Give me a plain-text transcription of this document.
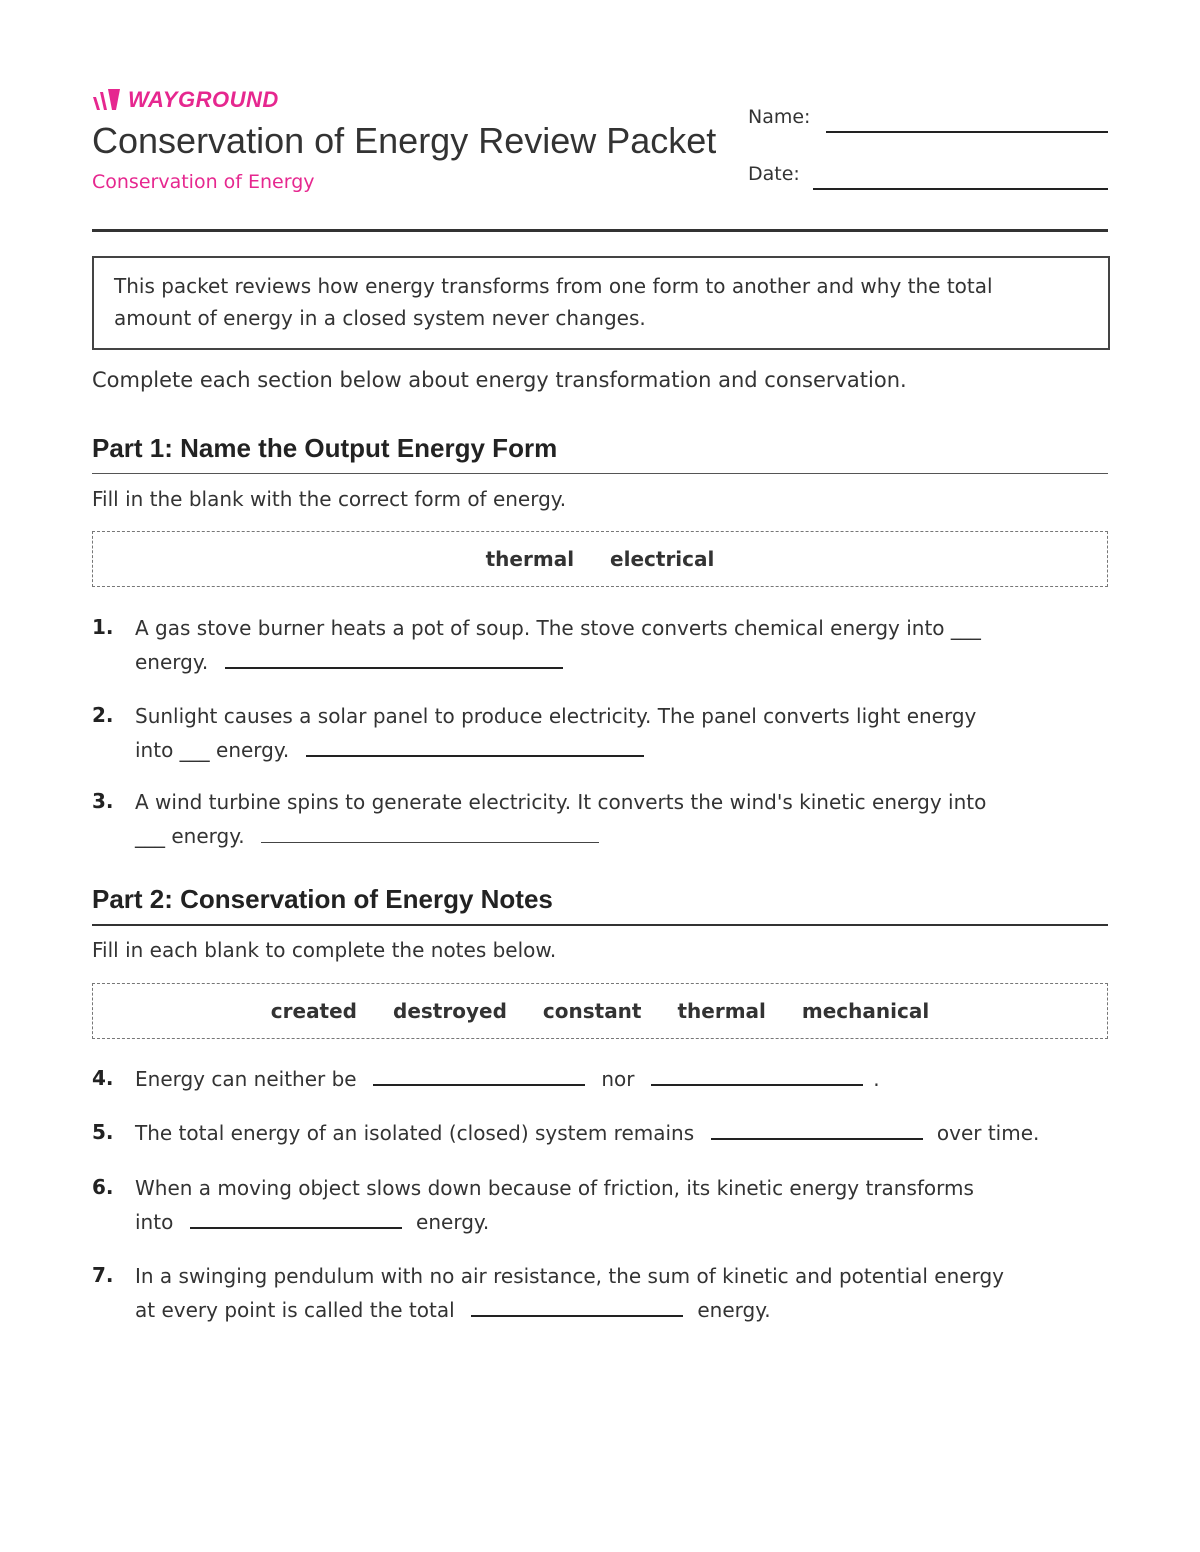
WAYGROUND
Conservation of Energy Review Packet
Conservation of Energy
Name:
Date:
This packet reviews how energy transforms from one form to another and why the total
amount of energy in a closed system never changes.
Complete each section below about energy transformation and conservation.
Part 1: Name the Output Energy Form
Fill in the blank with the correct form of energy.
thermal electrical
1. A gas stove burner heats a pot of soup. The stove converts chemical energy into ___
energy.
2. Sunlight causes a solar panel to produce electricity. The panel converts light energy
into ___ energy.
3. A wind turbine spins to generate electricity. It converts the wind's kinetic energy into
___ energy.
Part 2: Conservation of Energy Notes
Fill in each blank to complete the notes below.
created destroyed constant thermal mechanical
4. Energy can neither be	nor	.
5. The total energy of an isolated (closed) system remains	over time.
6. When a moving object slows down because of friction, its kinetic energy transforms
into	energy.
7. In a swinging pendulum with no air resistance, the sum of kinetic and potential energy
at every point is called the total	energy.
